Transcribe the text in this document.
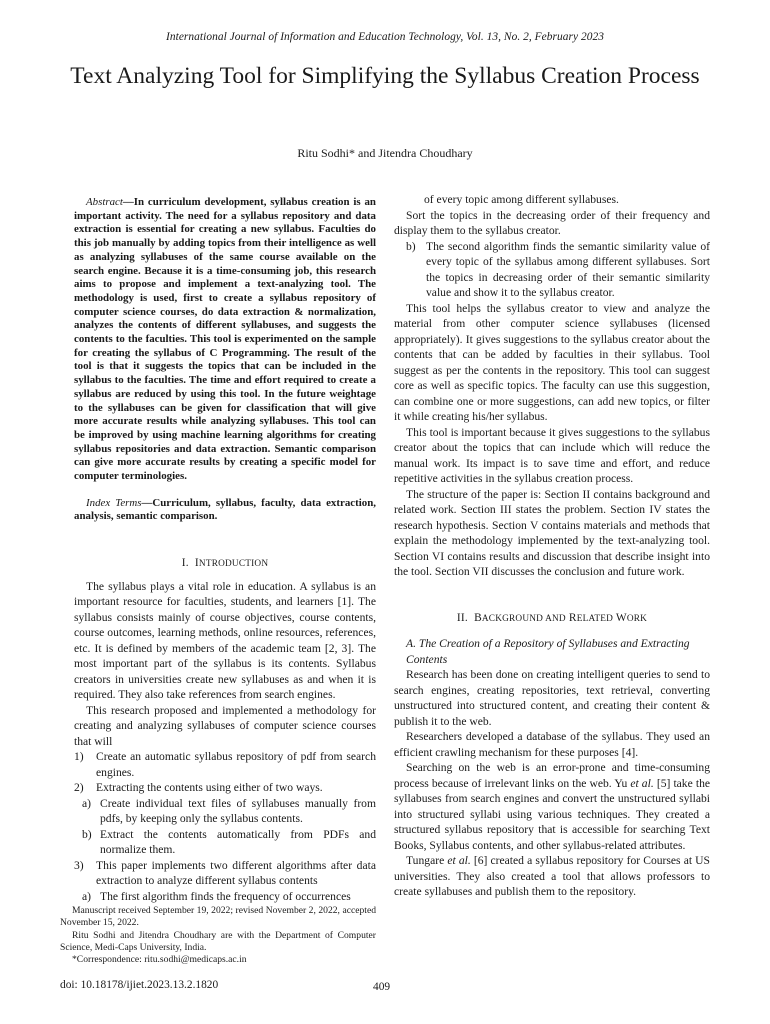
International Journal of Information and Education Technology, Vol. 13, No. 2, February 2023
Text Analyzing Tool for Simplifying the Syllabus Creation Process
Ritu Sodhi* and Jitendra Choudhary

Abstract—In curriculum development, syllabus creation is an important activity. The need for a syllabus repository and data extraction is essential for creating a new syllabus. Faculties do this job manually by adding topics from their intelligence as well as analyzing syllabuses of the same course available on the search engine. Because it is a time-consuming job, this research aims to propose and implement a text-analyzing tool. The methodology is used, first to create a syllabus repository of computer science courses, do data extraction & normalization, analyzes the contents of different syllabuses, and suggests the contents to the faculties. This tool is experimented on the sample for creating the syllabus of C Programming. The result of the tool is that it suggests the topics that can be included in the syllabus to the faculties. The time and effort required to create a syllabus are reduced by using this tool. In the future weightage to the syllabuses can be given for classification that will give more accurate results while analyzing syllabuses. This tool can be improved by using machine learning algorithms for creating syllabus repositories and data extraction. Semantic comparison can give more accurate results by creating a specific model for computer terminologies.

Index Terms—Curriculum, syllabus, faculty, data extraction, analysis, semantic comparison.

I. INTRODUCTION

The syllabus plays a vital role in education. A syllabus is an important resource for faculties, students, and learners [1]. The syllabus consists mainly of course objectives, course contents, course outcomes, learning methods, online resources, references, etc. It is defined by members of the academic team [2, 3]. The most important part of the syllabus is its contents. Syllabus creators in universities create new syllabuses as and when it is required. They also take references from search engines.

This research proposed and implemented a methodology for creating and analyzing syllabuses of computer science courses that will

1)	Create an automatic syllabus repository of pdf from search engines.
2)	Extracting the contents using either of two ways.
a) Create individual text files of syllabuses manually from pdfs, by keeping only the syllabus contents.
b) Extract the contents automatically from PDFs and normalize them.
3)	This paper implements two different algorithms after data extraction to analyze different syllabus contents
a) The first algorithm finds the frequency of occurrences

of every topic among different syllabuses.

Sort the topics in the decreasing order of their frequency and display them to the syllabus creator.

b) The second algorithm finds the semantic similarity value of every topic of the syllabus among different syllabuses. Sort the topics in decreasing order of their semantic similarity value and show it to the syllabus creator.

This tool helps the syllabus creator to view and analyze the material from other computer science syllabuses (licensed appropriately). It gives suggestions to the syllabus creator about the contents that can be added by faculties in their syllabus. Tool suggest as per the contents in the repository. This tool can suggest core as well as specific topics. The faculty can use this suggestion, can combine one or more suggestions, can add new topics, or filter it while creating his/her syllabus.

This tool is important because it gives suggestions to the syllabus creator about the topics that can include which will reduce the manual work. Its impact is to save time and effort, and reduce repetitive activities in the syllabus creation process.

The structure of the paper is: Section II contains background and related work. Section III states the problem. Section IV states the research hypothesis. Section V contains materials and methods that explain the methodology implemented by the text-analyzing tool. Section VI contains results and discussion that describe insight into the tool. Section VII discusses the conclusion and future work.

II. BACKGROUND AND RELATED WORK

A. The Creation of a Repository of Syllabuses and Extracting Contents

Research has been done on creating intelligent queries to send to search engines, creating repositories, text retrieval, converting unstructured into structured content, and creating their content & publish it to the web.

Researchers developed a database of the syllabus. They used an efficient crawling mechanism for these purposes [4].

Searching on the web is an error-prone and time-consuming process because of irrelevant links on the web. Yu et al. [5] take the syllabuses from search engines and convert the unstructured syllabi into structured syllabi using various techniques. They created a structured syllabus repository that is accessible for searching Text Books, Syllabus contents, and other syllabus-related attributes.

Tungare et al. [6] created a syllabus repository for Courses at US universities. They also created a tool that allows professors to create syllabuses and publish them to the repository.

Manuscript received September 19, 2022; revised November 2, 2022, accepted November 15, 2022.

Ritu Sodhi and Jitendra Choudhary are with the Department of Computer Science, Medi-Caps University, India.

*Correspondence: ritu.sodhi@medicaps.ac.in

doi: 10.18178/ijiet.2023.13.2.1820	409
